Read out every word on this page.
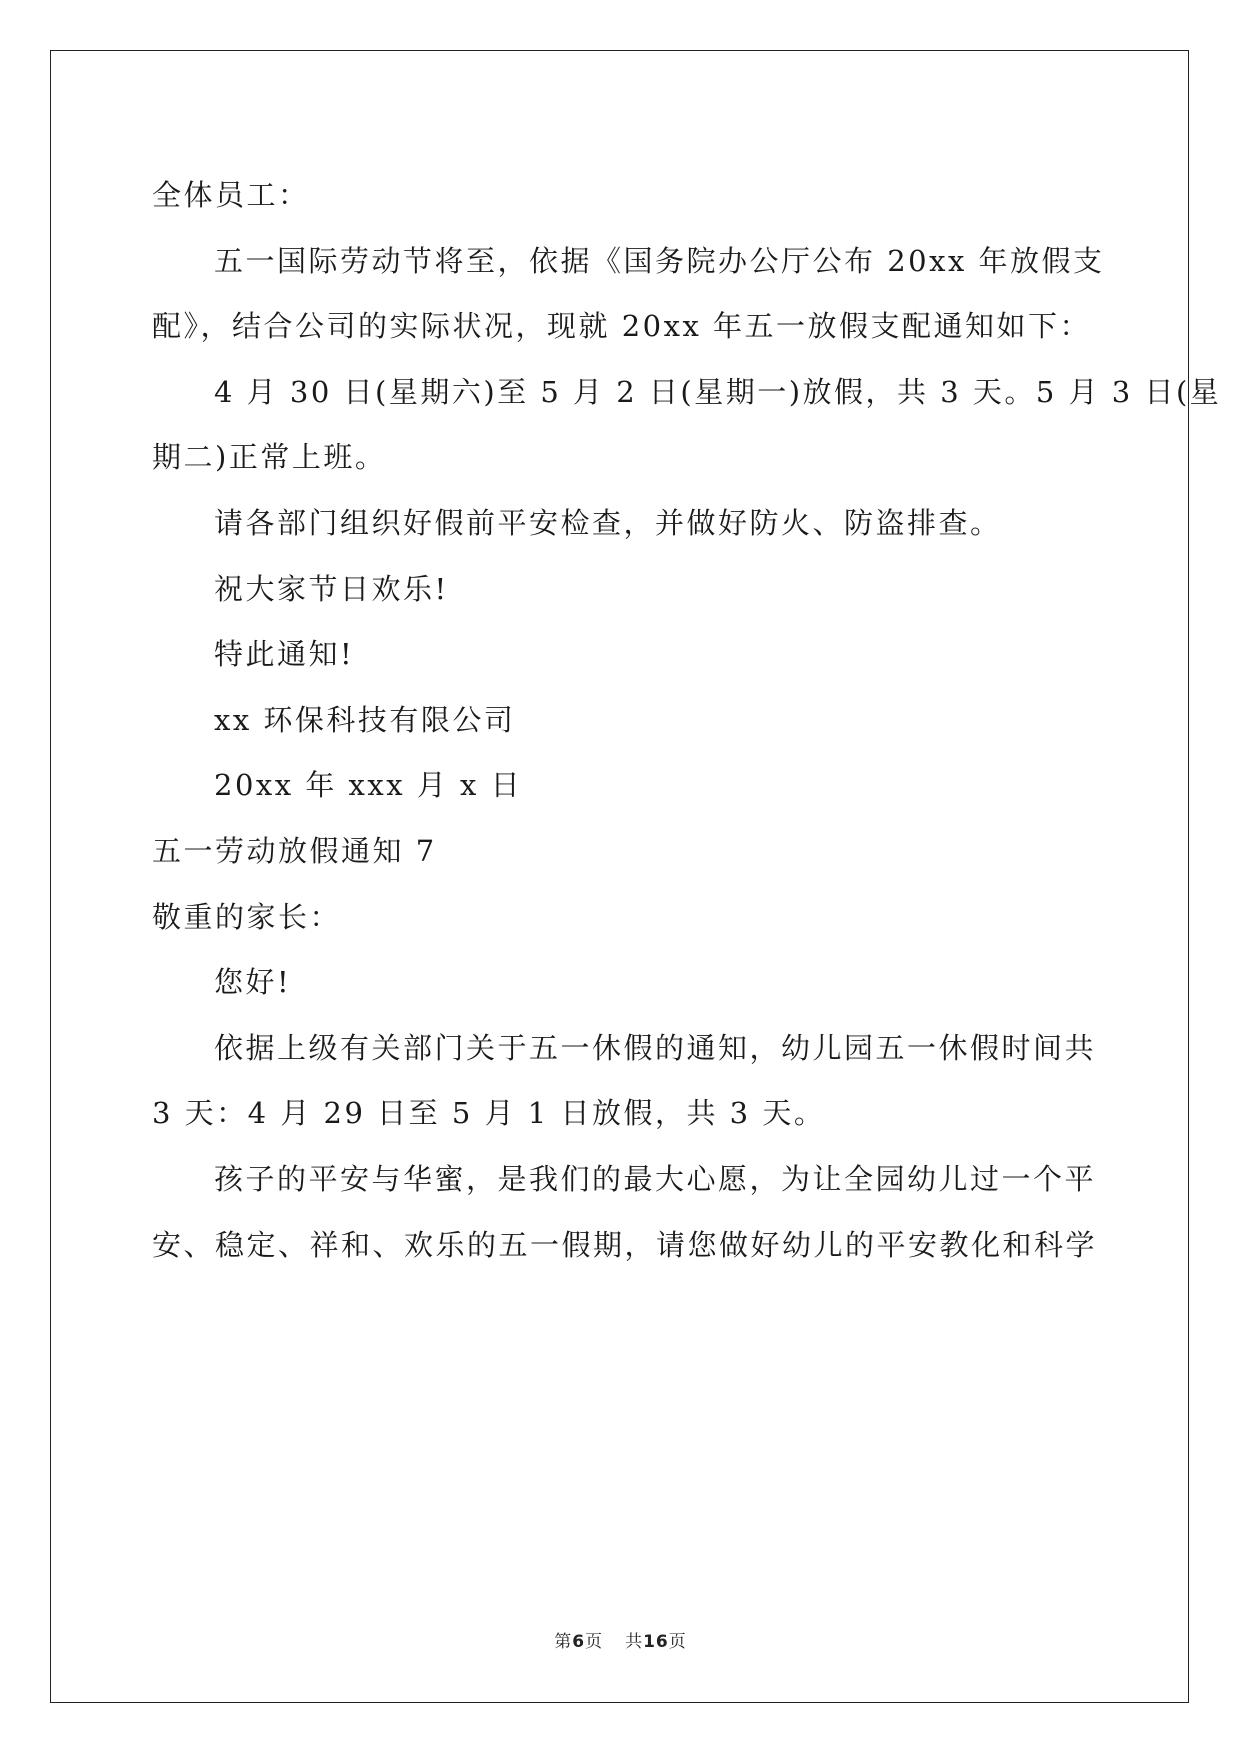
全体员工：
五一国际劳动节将至，依据《国务院办公厅公布 20xx 年放假支
配》，结合公司的实际状况，现就 20xx 年五一放假支配通知如下：
4 月 30 日(星期六)至 5 月 2 日(星期一)放假，共 3 天。5 月 3 日(星
期二)正常上班。
请各部门组织好假前平安检查，并做好防火、防盗排查。
祝大家节日欢乐!
特此通知!
xx 环保科技有限公司
20xx 年 xxx 月 x 日
五一劳动放假通知 7
敬重的家长：
您好!
依据上级有关部门关于五一休假的通知，幼儿园五一休假时间共
3 天：4 月 29 日至 5 月 1 日放假，共 3 天。
孩子的平安与华蜜，是我们的最大心愿，为让全园幼儿过一个平
安、稳定、祥和、欢乐的五一假期，请您做好幼儿的平安教化和科学
第6页 共16页
